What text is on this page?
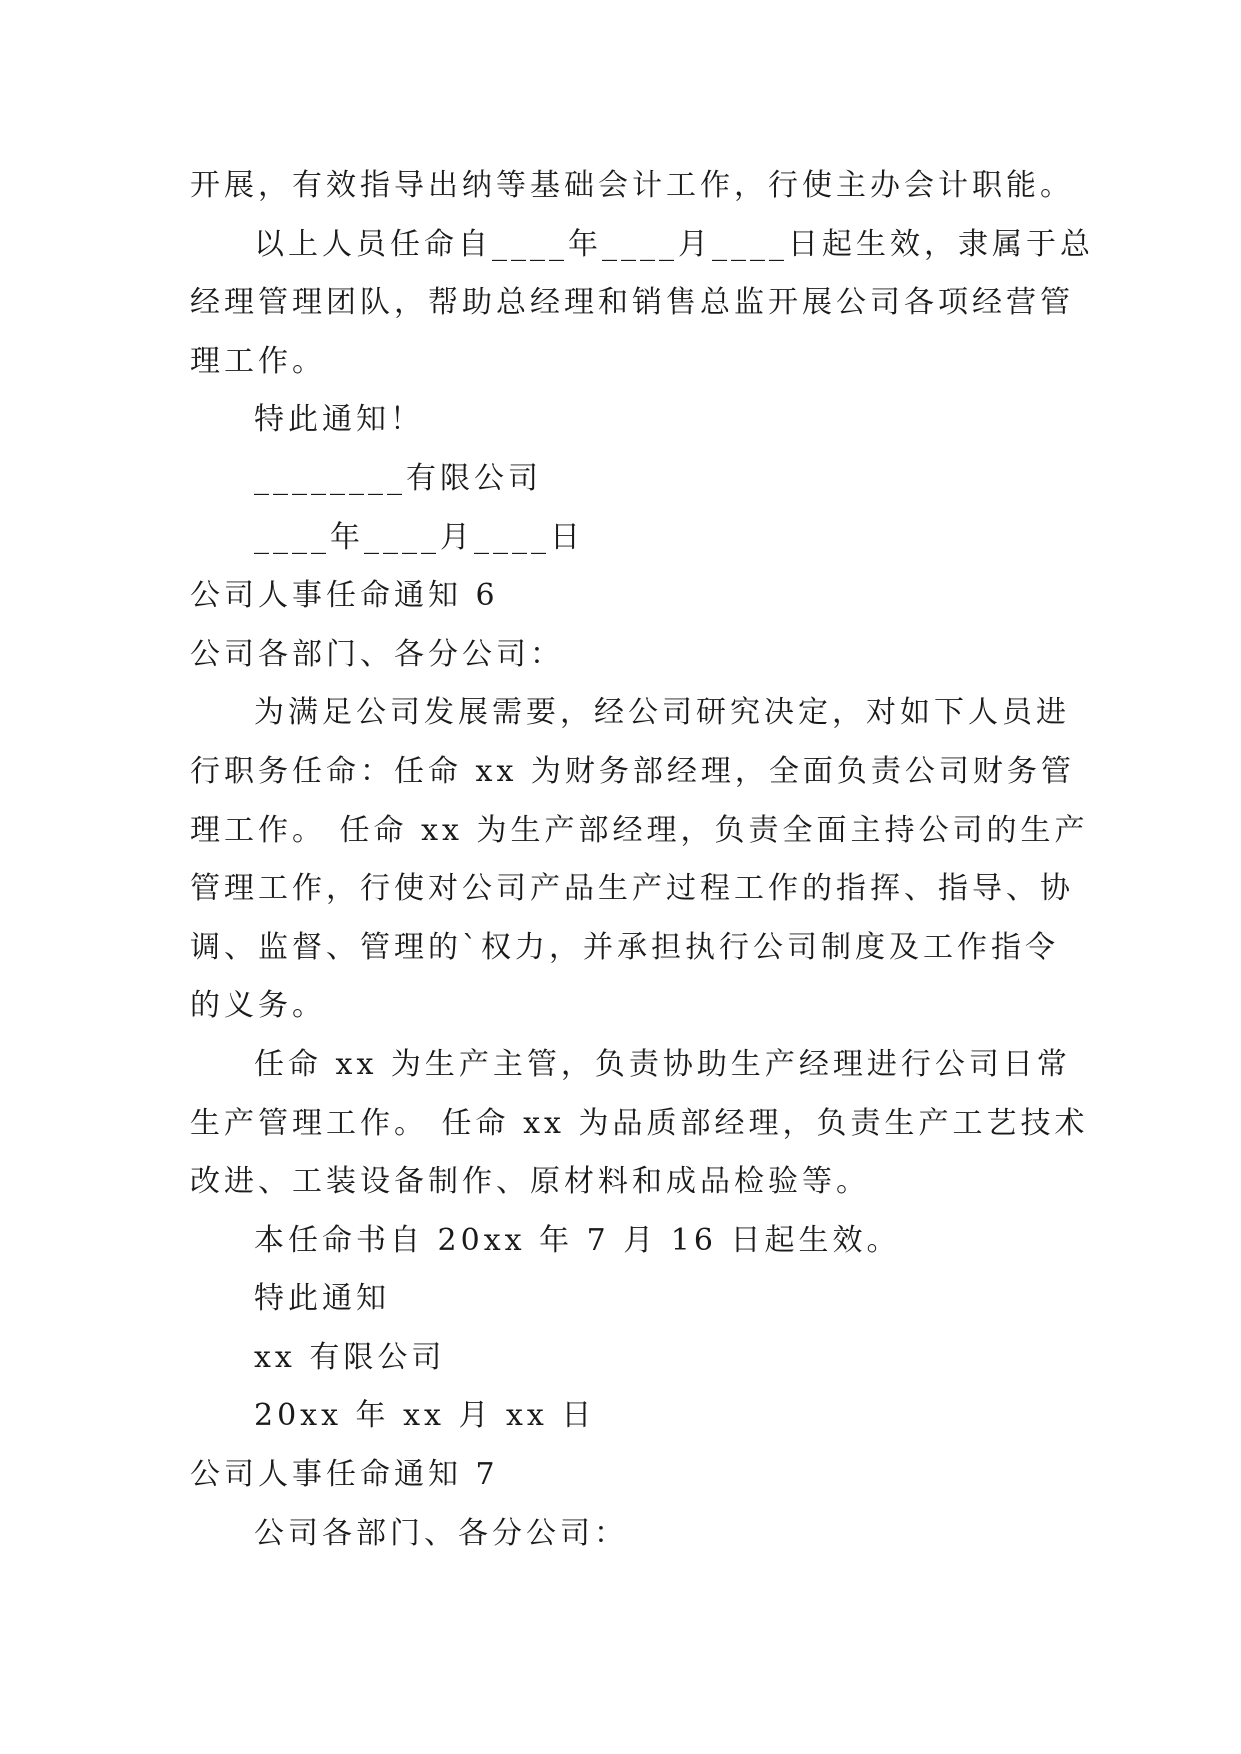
开展，有效指导出纳等基础会计工作，行使主办会计职能。
以上人员任命自____年____月____日起生效，隶属于总
经理管理团队，帮助总经理和销售总监开展公司各项经营管
理工作。
特此通知！
________有限公司
____年____月____日
公司人事任命通知 6
公司各部门、各分公司：
为满足公司发展需要，经公司研究决定，对如下人员进
行职务任命：任命 xx 为财务部经理，全面负责公司财务管
理工作。 任命 xx 为生产部经理，负责全面主持公司的生产
管理工作，行使对公司产品生产过程工作的指挥、指导、协
调、监督、管理的`权力，并承担执行公司制度及工作指令
的义务。
任命 xx 为生产主管，负责协助生产经理进行公司日常
生产管理工作。 任命 xx 为品质部经理，负责生产工艺技术
改进、工装设备制作、原材料和成品检验等。
本任命书自 20xx 年 7 月 16 日起生效。
特此通知
xx 有限公司
20xx 年 xx 月 xx 日
公司人事任命通知 7
公司各部门、各分公司：
